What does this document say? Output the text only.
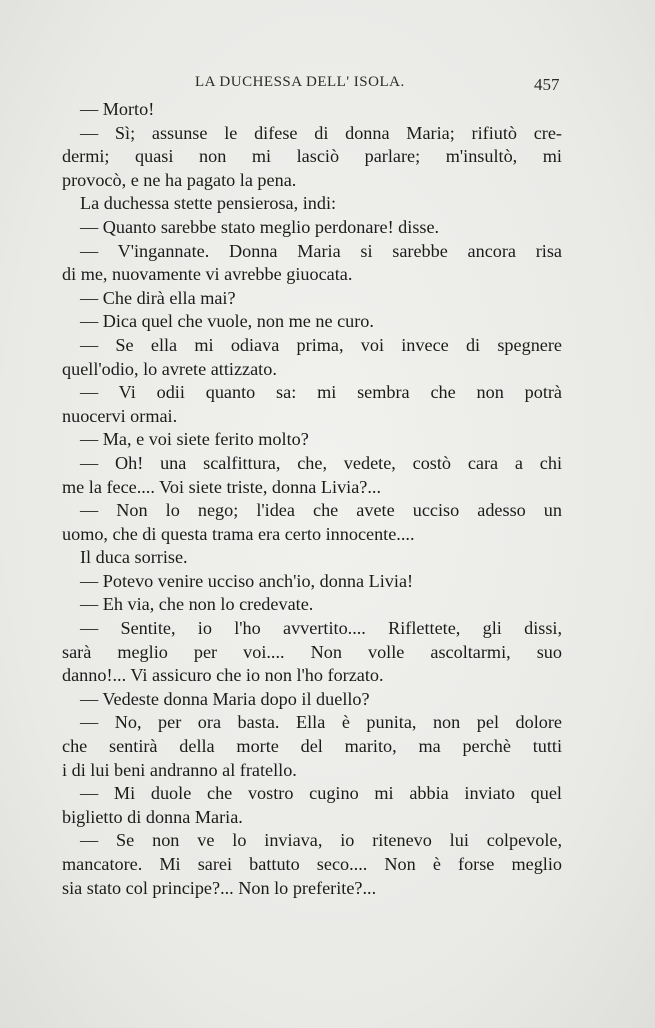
LA DUCHESSA DELL' ISOLA.	457
— Morto!
— Sì; assunse le difese di donna Maria; rifiutò cre-
dermi; quasi non mi lasciò parlare; m'insultò, mi
provocò, e ne ha pagato la pena.
La duchessa stette pensierosa, indi:
— Quanto sarebbe stato meglio perdonare! disse.
— V'ingannate. Donna Maria si sarebbe ancora risa
di me, nuovamente vi avrebbe giuocata.
— Che dirà ella mai?
— Dica quel che vuole, non me ne curo.
— Se ella mi odiava prima, voi invece di spegnere
quell'odio, lo avrete attizzato.
— Vi odii quanto sa: mi sembra che non potrà
nuocervi ormai.
— Ma, e voi siete ferito molto?
— Oh! una scalfittura, che, vedete, costò cara a chi
me la fece.... Voi siete triste, donna Livia?...
— Non lo nego; l'idea che avete ucciso adesso un
uomo, che di questa trama era certo innocente....
Il duca sorrise.
— Potevo venire ucciso anch'io, donna Livia!
— Eh via, che non lo credevate.
— Sentite, io l'ho avvertito.... Riflettete, gli dissi,
sarà meglio per voi.... Non volle ascoltarmi, suo
danno!... Vi assicuro che io non l'ho forzato.
— Vedeste donna Maria dopo il duello?
— No, per ora basta. Ella è punita, non pel dolore
che sentirà della morte del marito, ma perchè tutti
i di lui beni andranno al fratello.
— Mi duole che vostro cugino mi abbia inviato quel
biglietto di donna Maria.
— Se non ve lo inviava, io ritenevo lui colpevole,
mancatore. Mi sarei battuto seco.... Non è forse meglio
sia stato col principe?... Non lo preferite?...
